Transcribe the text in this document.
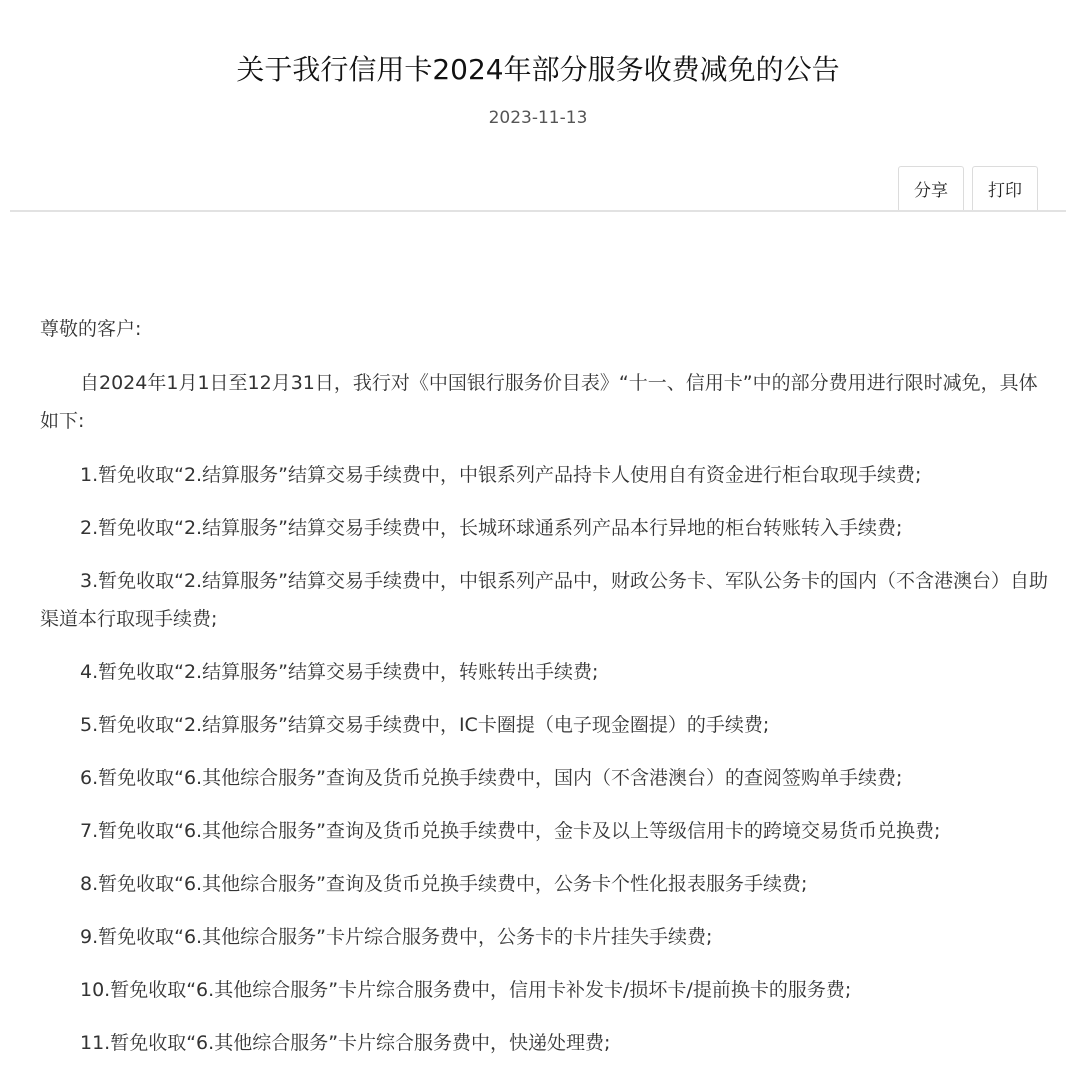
关于我行信用卡2024年部分服务收费减免的公告
2023-11-13
分享	打印

尊敬的客户:

自2024年1月1日至12月31日，我行对《中国银行服务价目表》“十一、信用卡”中的部分费用进行限时减免，具体如下:

1.暂免收取“2.结算服务”结算交易手续费中，中银系列产品持卡人使用自有资金进行柜台取现手续费;

2.暂免收取“2.结算服务”结算交易手续费中，长城环球通系列产品本行异地的柜台转账转入手续费;

3.暂免收取“2.结算服务”结算交易手续费中，中银系列产品中，财政公务卡、军队公务卡的国内（不含港澳台）自助渠道本行取现手续费;

4.暂免收取“2.结算服务”结算交易手续费中，转账转出手续费;

5.暂免收取“2.结算服务”结算交易手续费中，IC卡圈提（电子现金圈提）的手续费;

6.暂免收取“6.其他综合服务”查询及货币兑换手续费中，国内（不含港澳台）的查阅签购单手续费;

7.暂免收取“6.其他综合服务”查询及货币兑换手续费中，金卡及以上等级信用卡的跨境交易货币兑换费;

8.暂免收取“6.其他综合服务”查询及货币兑换手续费中，公务卡个性化报表服务手续费;

9.暂免收取“6.其他综合服务”卡片综合服务费中，公务卡的卡片挂失手续费;

10.暂免收取“6.其他综合服务”卡片综合服务费中，信用卡补发卡/损坏卡/提前换卡的服务费;

11.暂免收取“6.其他综合服务”卡片综合服务费中，快递处理费;
